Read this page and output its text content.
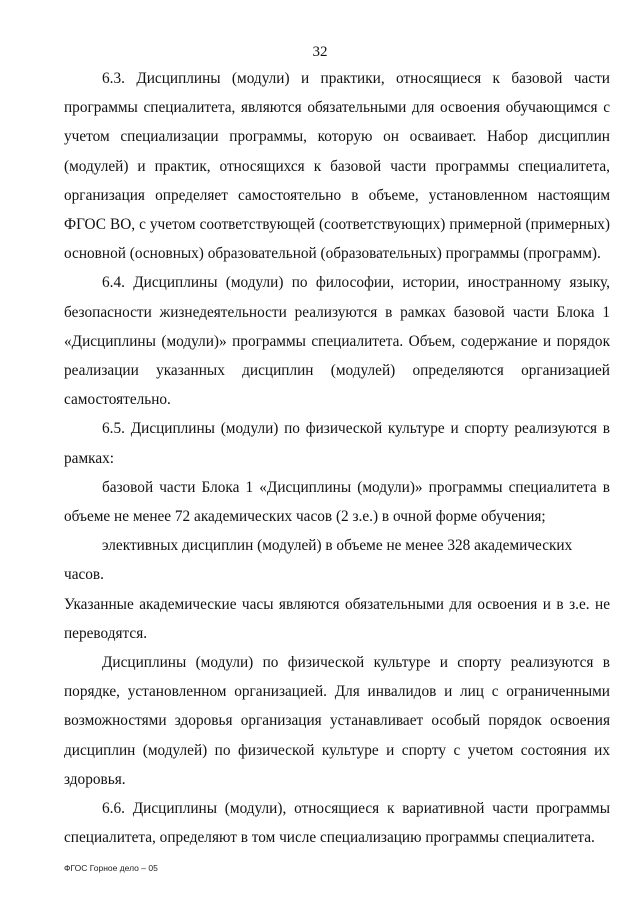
32

6.3. Дисциплины (модули) и практики, относящиеся к базовой части программы специалитета, являются обязательными для освоения обучающимся с учетом специализации программы, которую он осваивает. Набор дисциплин (модулей) и практик, относящихся к базовой части программы специалитета, организация определяет самостоятельно в объеме, установленном настоящим ФГОС ВО, с учетом соответствующей (соответствующих) примерной (примерных) основной (основных) образовательной (образовательных) программы (программ).

6.4. Дисциплины (модули) по философии, истории, иностранному языку, безопасности жизнедеятельности реализуются в рамках базовой части Блока 1 «Дисциплины (модули)» программы специалитета. Объем, содержание и порядок реализации указанных дисциплин (модулей) определяются организацией самостоятельно.

6.5. Дисциплины (модули) по физической культуре и спорту реализуются в рамках:

базовой части Блока 1 «Дисциплины (модули)» программы специалитета в объеме не менее 72 академических часов (2 з.е.) в очной форме обучения;

элективных дисциплин (модулей) в объеме не менее 328 академических часов.

Указанные академические часы являются обязательными для освоения и в з.е. не переводятся.

Дисциплины (модули) по физической культуре и спорту реализуются в порядке, установленном организацией. Для инвалидов и лиц с ограниченными возможностями здоровья организация устанавливает особый порядок освоения дисциплин (модулей) по физической культуре и спорту с учетом состояния их здоровья.

6.6. Дисциплины (модули), относящиеся к вариативной части программы специалитета, определяют в том числе специализацию программы специалитета.

ФГОС Горное дело – 05
